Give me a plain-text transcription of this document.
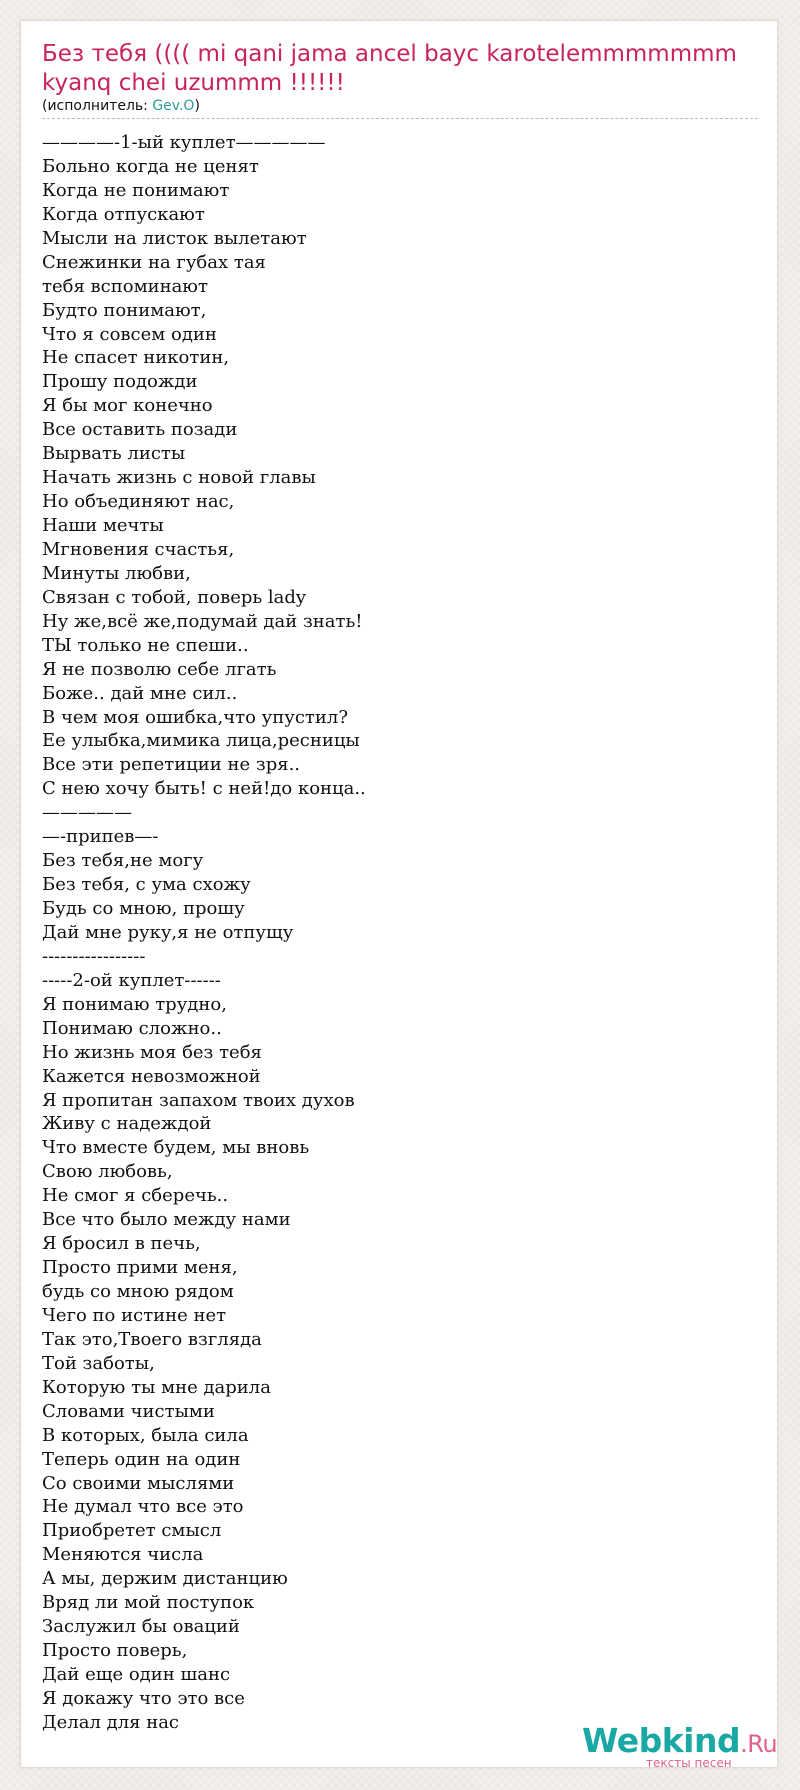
Без тебя (((( mi qani jama ancel bayc karotelemmmmmmm kyanq chei uzummm !!!!!!
(исполнитель: Gev.O)
————-1-ый куплет—————
Больно когда не ценят
Когда не понимают
Когда отпускают
Мысли на листок вылетают
Снежинки на губах тая
тебя вспоминают
Будто понимают,
Что я совсем один
Не спасет никотин,
Прошу подожди
Я бы мог конечно
Все оставить позади
Вырвать листы
Начать жизнь с новой главы
Но объединяют нас,
Наши мечты
Мгновения счастья,
Минуты любви,
Связан с тобой, поверь lady
Ну же,всё же,подумай дай знать!
ТЫ только не спеши..
Я не позволю себе лгать
Боже.. дай мне сил..
В чем моя ошибка,что упустил?
Ее улыбка,мимика лица,ресницы
Все эти репетиции не зря..
С нею хочу быть! с ней!до конца..
—————
—-припев—-
Без тебя,не могу
Без тебя, с ума схожу
Будь со мною, прошу
Дай мне руку,я не отпущу
-----------------
-----2-ой куплет------
Я понимаю трудно,
Понимаю сложно..
Но жизнь моя без тебя
Кажется невозможной
Я пропитан запахом твоих духов
Живу с надеждой
Что вместе будем, мы вновь
Свою любовь,
Не смог я сберечь..
Все что было между нами
Я бросил в печь,
Просто прими меня,
будь со мною рядом
Чего по истине нет
Так это,Твоего взгляда
Той заботы,
Которую ты мне дарила
Словами чистыми
В которых, была сила
Теперь один на один
Со своими мыслями
Не думал что все это
Приобретет смысл
Меняются числа
А мы, держим дистанцию
Вряд ли мой поступок
Заслужил бы оваций
Просто поверь,
Дай еще один шанс
Я докажу что это все
Делал для нас	Webkind.Ru
тексты песен
